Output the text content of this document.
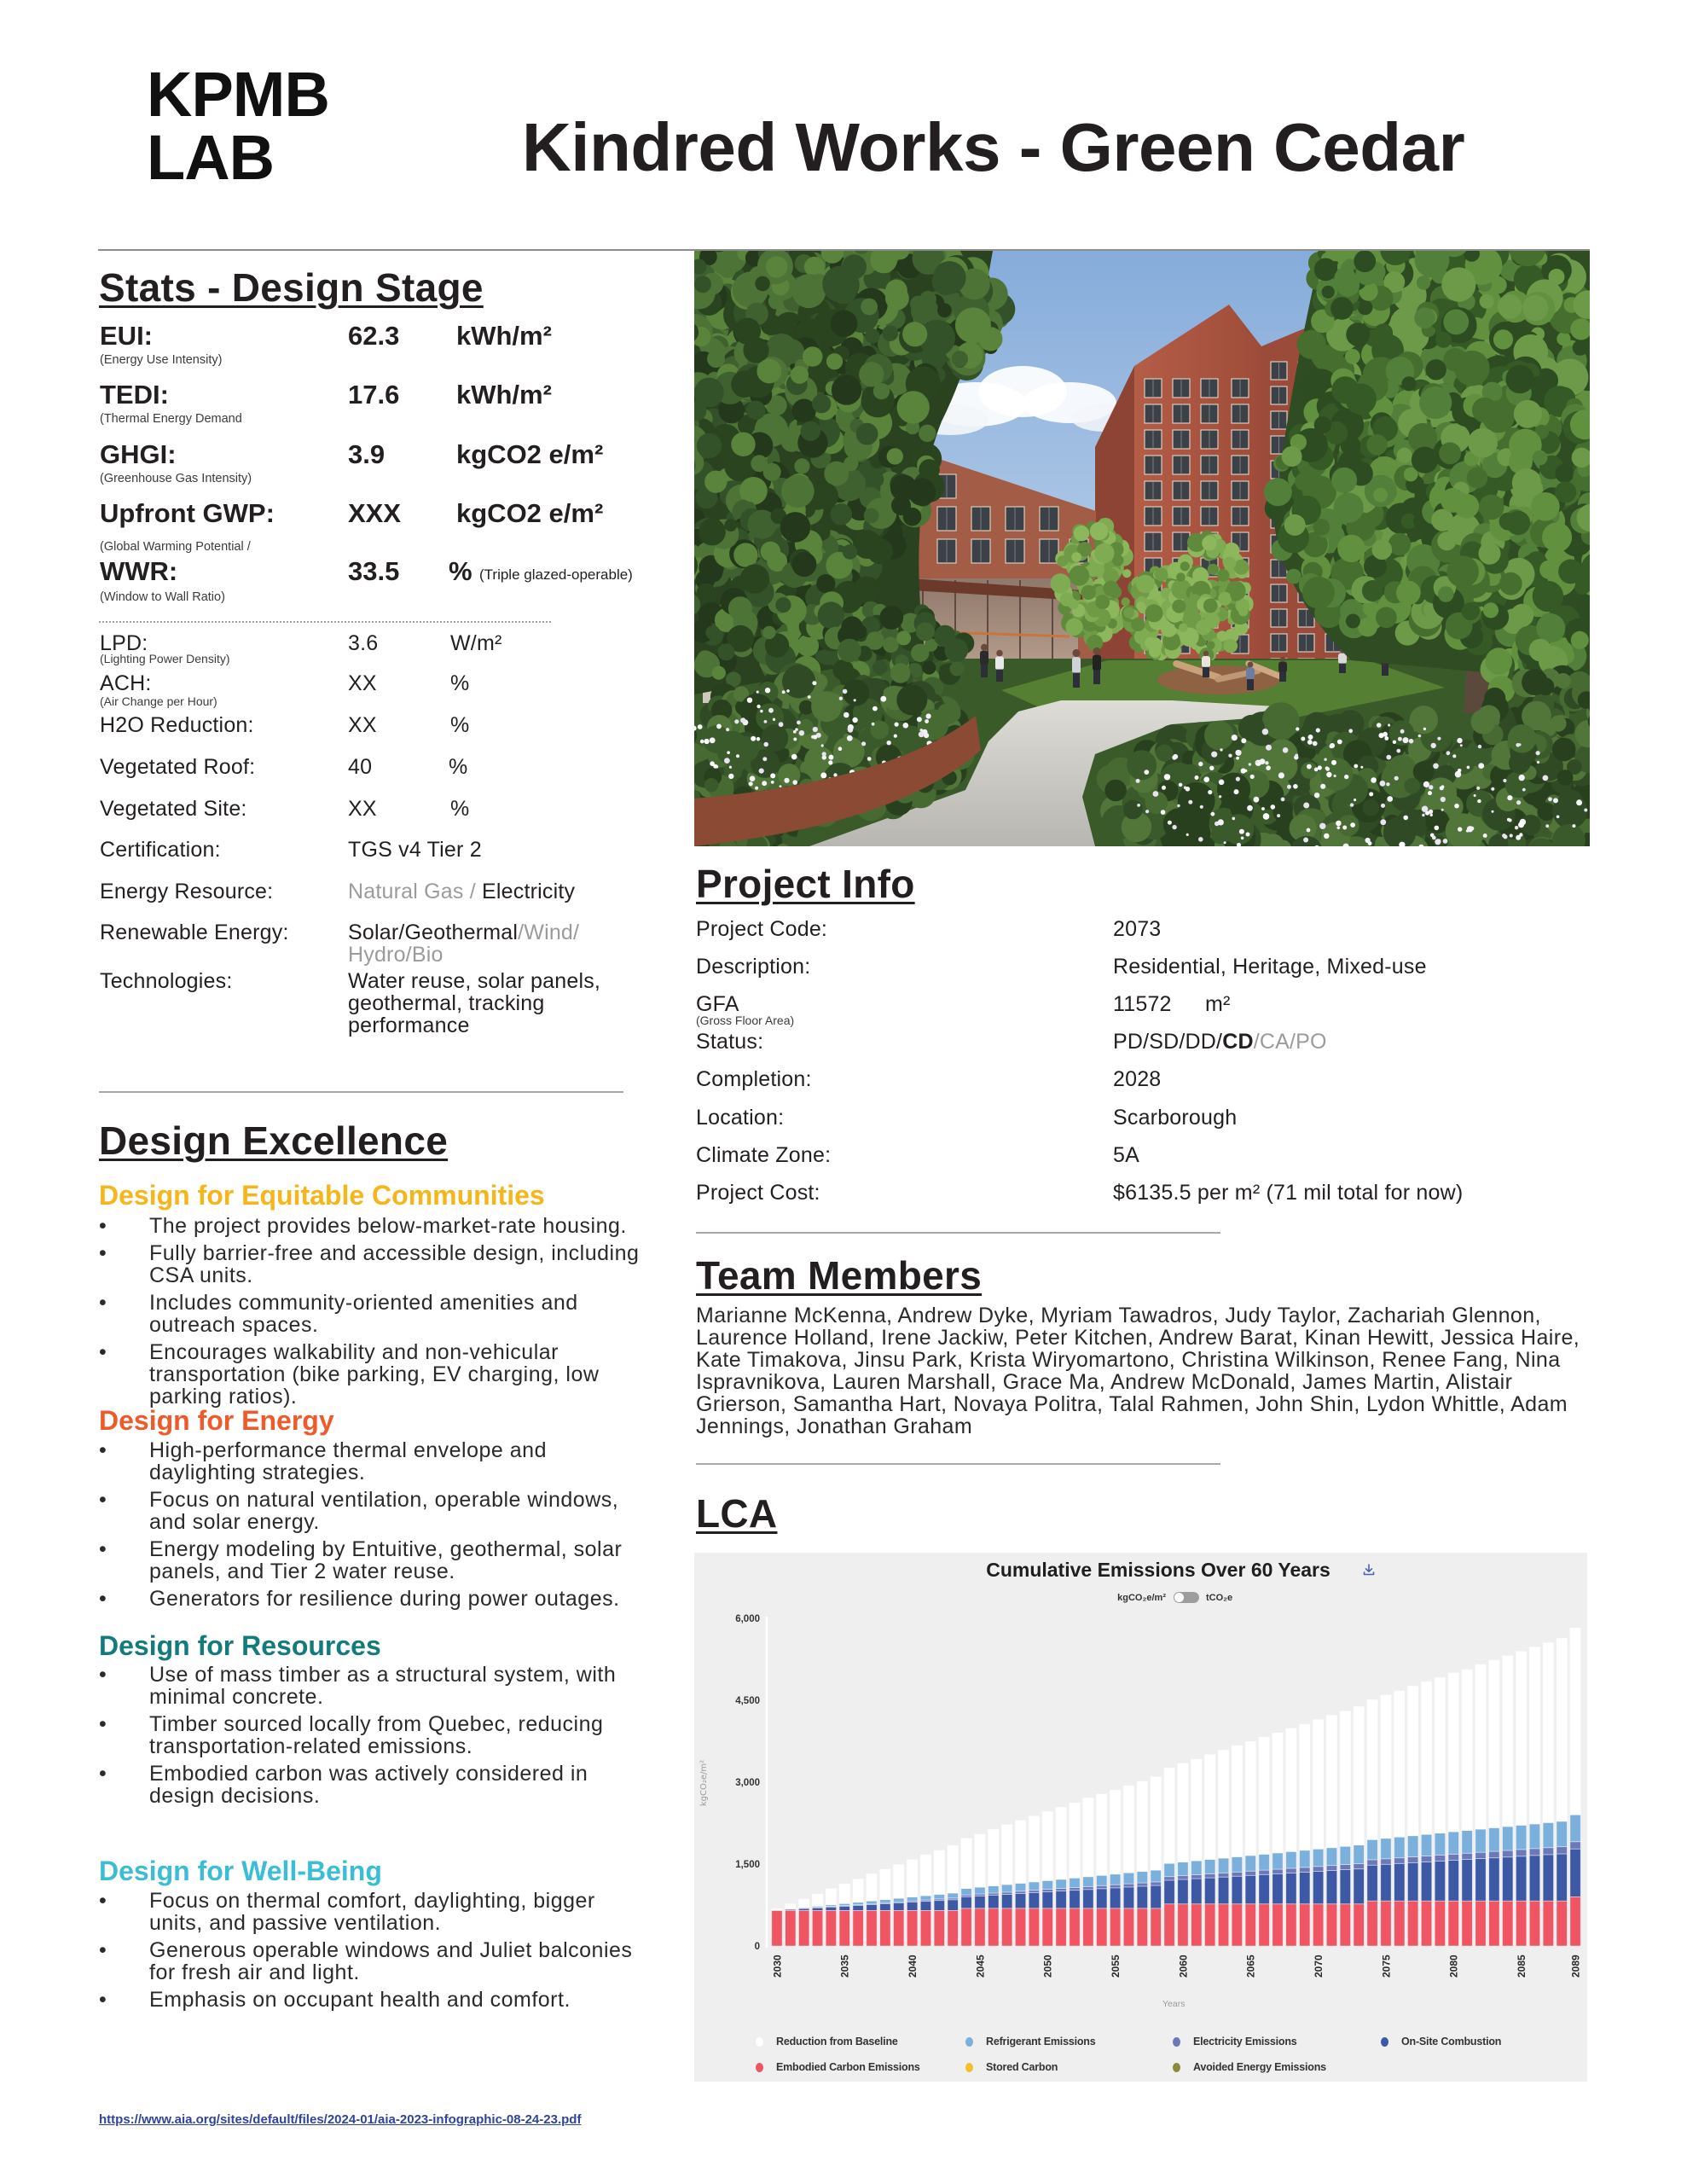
KPMB
LAB	Kindred Works - Green Cedar
Stats - Design Stage
EUI:	62.3 kWh/m²
(Energy Use Intensity)
TEDI:	17.6 kWh/m²
(Thermal Energy Demand
GHGI:	3.9	kgCO2 e/m²
(Greenhouse Gas Intensity)
Upfront GWP:	XXX kgCO2 e/m²
(Global Warming Potential /
WWR:	33.5 % (Triple glazed-operable)
(Window to Wall Ratio)
LPD:	3.6	W/m²
(Lighting Power Density)
ACH:	XX	%
(Air Change per Hour)
H2O Reduction:	XX	%
Vegetated Roof:	40	%
Vegetated Site:	XX	%
Certification:	TGS v4 Tier 2
Energy Resource:	Natural Gas / Electricity
Renewable Energy:	Solar/Geothermal/Wind/
Hydro/Bio
Technologies:	Water reuse, solar panels, geothermal, tracking performance
Design Excellence
Design for Equitable Communities
• The project provides below-market-rate housing.
• Fully barrier-free and accessible design, including CSA units.
• Includes community-oriented amenities and outreach spaces.
• Encourages walkability and non-vehicular transportation (bike parking, EV charging, low parking ratios).
Design for Energy
• High-performance thermal envelope and daylighting strategies.
• Focus on natural ventilation, operable windows, and solar energy.
• Energy modeling by Entuitive, geothermal, solar panels, and Tier 2 water reuse.
• Generators for resilience during power outages.
Design for Resources
• Use of mass timber as a structural system, with minimal concrete.
• Timber sourced locally from Quebec, reducing transportation-related emissions.
• Embodied carbon was actively considered in design decisions.
Design for Well-Being
• Focus on thermal comfort, daylighting, bigger units, and passive ventilation.
• Generous operable windows and Juliet balconies for fresh air and light.
• Emphasis on occupant health and comfort.
https://www.aia.org/sites/default/files/2024-01/aia-2023-infographic-08-24-23.pdf
Project Info
Project Code:	2073
Description:	Residential, Heritage, Mixed-use
GFA	11572 m²
(Gross Floor Area)
Status:	PD/SD/DD/CD/CA/PO
Completion:	2028
Location:	Scarborough
Climate Zone:	5A
Project Cost:	$6135.5 per m² (71 mil total for now)
Team Members
Marianne McKenna, Andrew Dyke, Myriam Tawadros, Judy Taylor, Zachariah Glennon, Laurence Holland, Irene Jackiw, Peter Kitchen, Andrew Barat, Kinan Hewitt, Jessica Haire, Kate Timakova, Jinsu Park, Krista Wiryomartono, Christina Wilkinson, Renee Fang, Nina Ispravnikova, Lauren Marshall, Grace Ma, Andrew McDonald, James Martin, Alistair Grierson, Samantha Hart, Novaya Politra, Talal Rahmen, John Shin, Lydon Whittle, Adam Jennings, Jonathan Graham
LCA
kgCO₂e/m²
Years
0
1,500
3,000
4,500
6,000
2030	2035	2040	2045	2050	2055	2060	2065	2070	2075	2080	2085	2089
Cumulative Emissions Over 60 Years
kgCO₂e/m²	tCO₂e
Reduction from Baseline	Refrigerant Emissions	Electricity Emissions	On-Site Combustion
Embodied Carbon Emissions	Stored Carbon	Avoided Energy Emissions
